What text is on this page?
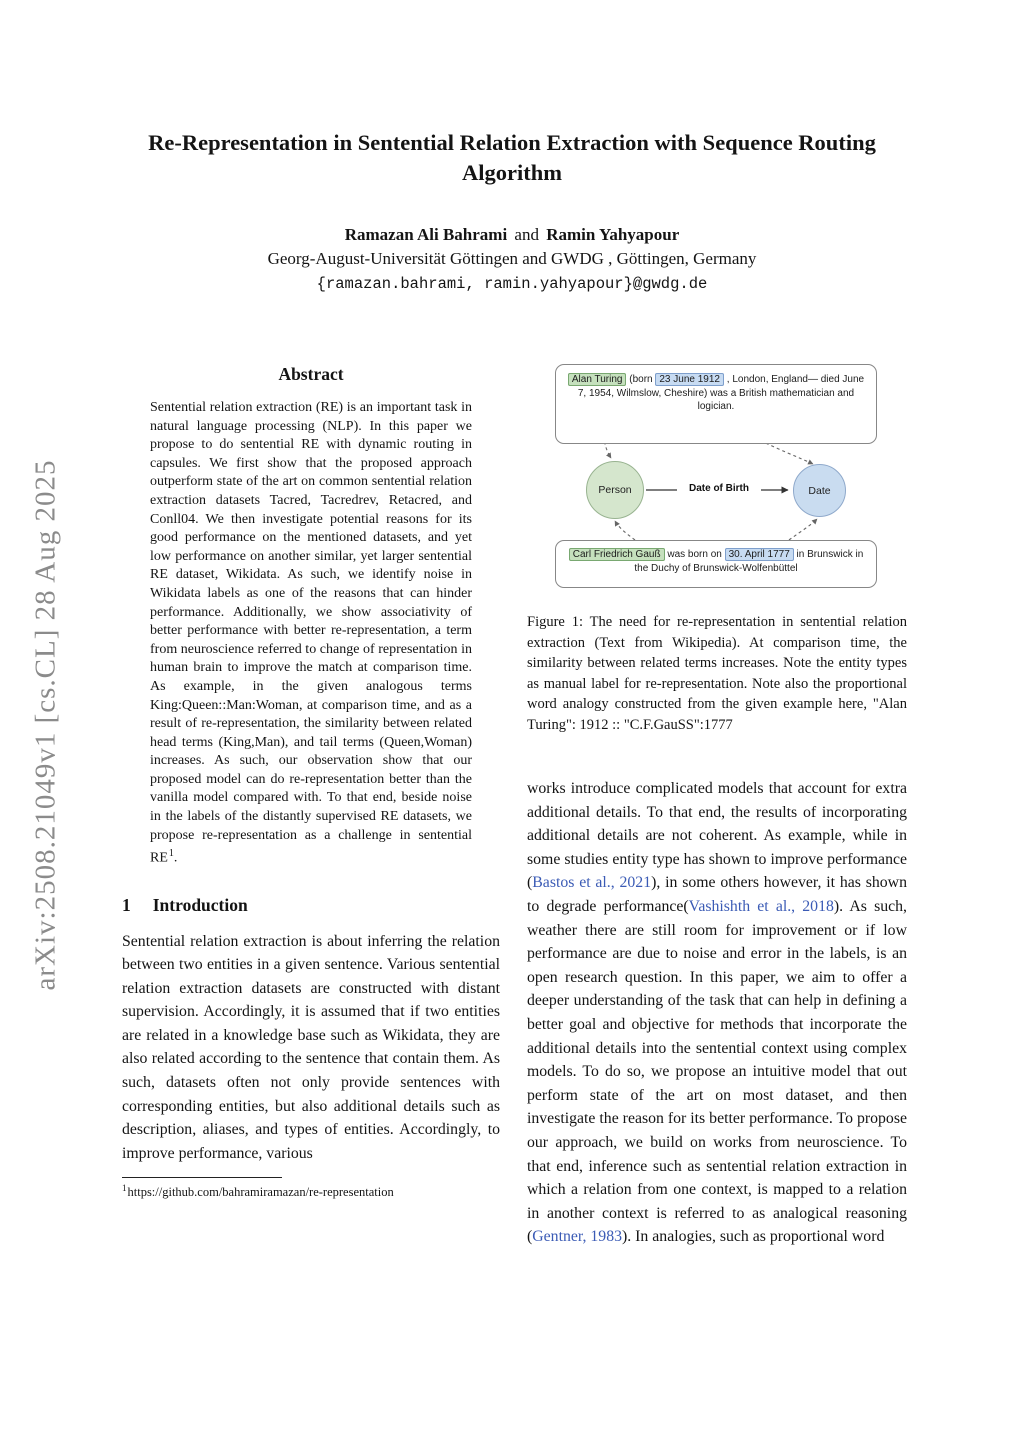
arXiv:2508.21049v1 [cs.CL] 28 Aug 2025
Re-Representation in Sentential Relation Extraction with Sequence Routing Algorithm
Ramazan Ali Bahrami and Ramin Yahyapour
Georg-August-Universität Göttingen and GWDG , Göttingen, Germany
{ramazan.bahrami, ramin.yahyapour}@gwdg.de
Abstract

Sentential relation extraction (RE) is an important task in natural language processing (NLP). In this paper we propose to do sentential RE with dynamic routing in capsules. We first show that the proposed approach outperform state of the art on common sentential relation extraction datasets Tacred, Tacredrev, Retacred, and Conll04. We then investigate potential reasons for its good performance on the mentioned datasets, and yet low performance on another similar, yet larger sentential RE dataset, Wikidata. As such, we identify noise in Wikidata labels as one of the reasons that can hinder performance. Additionally, we show associativity of better performance with better re-representation, a term from neuroscience referred to change of representation in human brain to improve the match at comparison time. As example, in the given analogous terms King:Queen::Man:Woman, at comparison time, and as a result of re-representation, the similarity between related head terms (King,Man), and tail terms (Queen,Woman) increases. As such, our observation show that our proposed model can do re-representation better than the vanilla model compared with. To that end, beside noise in the labels of the distantly supervised RE datasets, we propose re-representation as a challenge in sentential $RE^1$.

1 Introduction

Sentential relation extraction is about inferring the relation between two entities in a given sentence. Various sentential relation extraction datasets are constructed with distant supervision. Accordingly, it is assumed that if two entities are related in a knowledge base such as Wikidata, they are also related according to the sentence that contain them. As such, datasets often not only provide sentences with corresponding entities, but also additional details such as description, aliases, and types of entities. Accordingly, to improve performance, various

$^1$https://github.com/bahramiramazan/re-representation
Alan Turing (born 23 June 1912 , London, England— died June 7, 1954, Wilmslow, Cheshire) was a British mathematician and logician.
Person	Date
Date of Birth
Carl Friedrich Gauß was born on 30. April 1777 in Brunswick in the Duchy of Brunswick-Wolfenbüttel
Figure 1: The need for re-representation in sentential relation extraction (Text from Wikipedia). At comparison time, the similarity between related terms increases. Note the entity types as manual label for re-representation. Note also the proportional word analogy constructed from the given example here, "Alan Turing": 1912 :: "C.F.GauSS":1777

works introduce complicated models that account for extra additional details. To that end, the results of incorporating additional details are not coherent. As example, while in some studies entity type has shown to improve performance (Bastos et al., 2021), in some others however, it has shown to degrade performance(Vashishth et al., 2018). As such, weather there are still room for improvement or if low performance are due to noise and error in the labels, is an open research question. In this paper, we aim to offer a deeper understanding of the task that can help in defining a better goal and objective for methods that incorporate the additional details into the sentential context using complex models. To do so, we propose an intuitive model that out perform state of the art on most dataset, and then investigate the reason for its better performance. To propose our approach, we build on works from neuroscience. To that end, inference such as sentential relation extraction in which a relation from one context, is mapped to a relation in another context is referred to as analogical reasoning (Gentner, 1983). In analogies, such as proportional word
